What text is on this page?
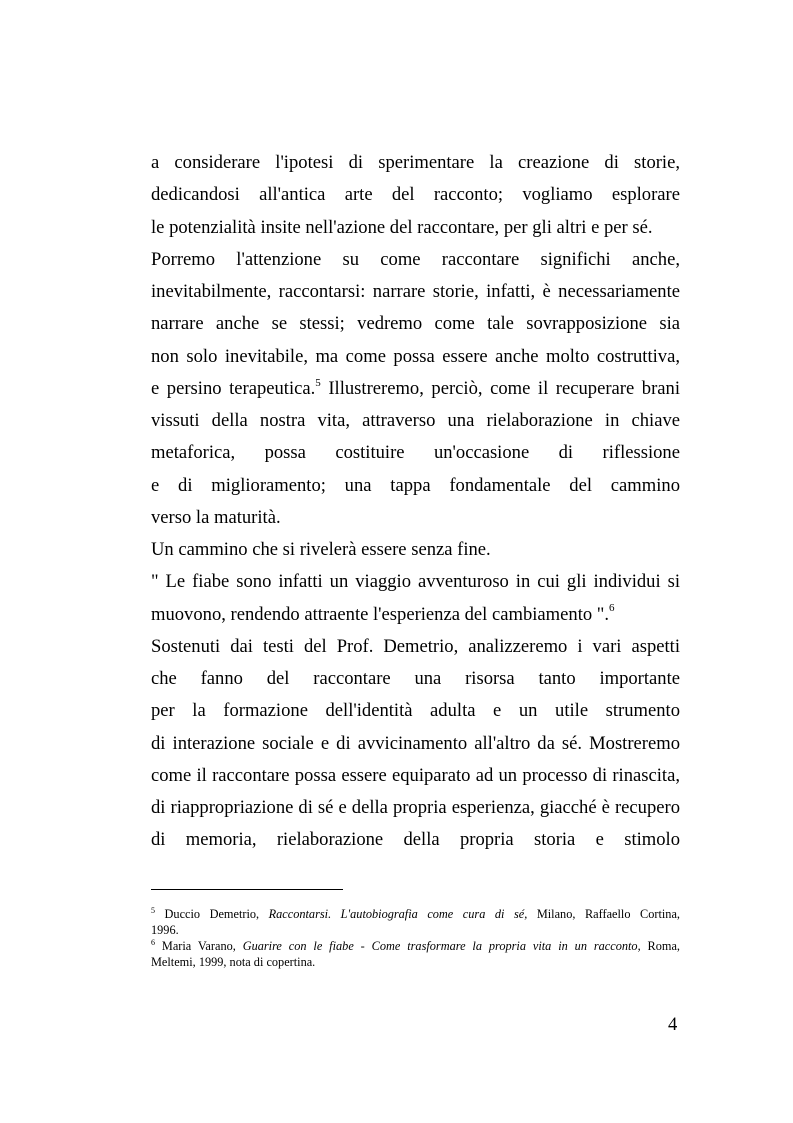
a considerare l'ipotesi di sperimentare la creazione di storie,
dedicandosi all'antica arte del racconto; vogliamo esplorare
le potenzialità insite nell'azione del raccontare, per gli altri e per sé.
Porremo l'attenzione su come raccontare significhi anche,
inevitabilmente, raccontarsi: narrare storie, infatti, è necessariamente
narrare anche se stessi; vedremo come tale sovrapposizione sia
non solo inevitabile, ma come possa essere anche molto costruttiva,
e persino terapeutica.$^5$ Illustreremo, perciò, come il recuperare brani
vissuti della nostra vita, attraverso una rielaborazione in chiave
metaforica, possa costituire un'occasione di riflessione
e di miglioramento; una tappa fondamentale del cammino
verso la maturità.
Un cammino che si rivelerà essere senza fine.
" Le fiabe sono infatti un viaggio avventuroso in cui gli individui si
muovono, rendendo attraente l'esperienza del cambiamento ".$^6$
Sostenuti dai testi del Prof. Demetrio, analizzeremo i vari aspetti
che fanno del raccontare una risorsa tanto importante
per la formazione dell'identità adulta e un utile strumento
di interazione sociale e di avvicinamento all'altro da sé. Mostreremo
come il raccontare possa essere equiparato ad un processo di rinascita,
di riappropriazione di sé e della propria esperienza, giacché è recupero
di memoria, rielaborazione della propria storia e stimolo
$^5$ Duccio Demetrio, Raccontarsi. L'autobiografia come cura di sé, Milano, Raffaello Cortina,
1996.
$^6$ Maria Varano, Guarire con le fiabe - Come trasformare la propria vita in un racconto, Roma,
Meltemi, 1999, nota di copertina.
4
